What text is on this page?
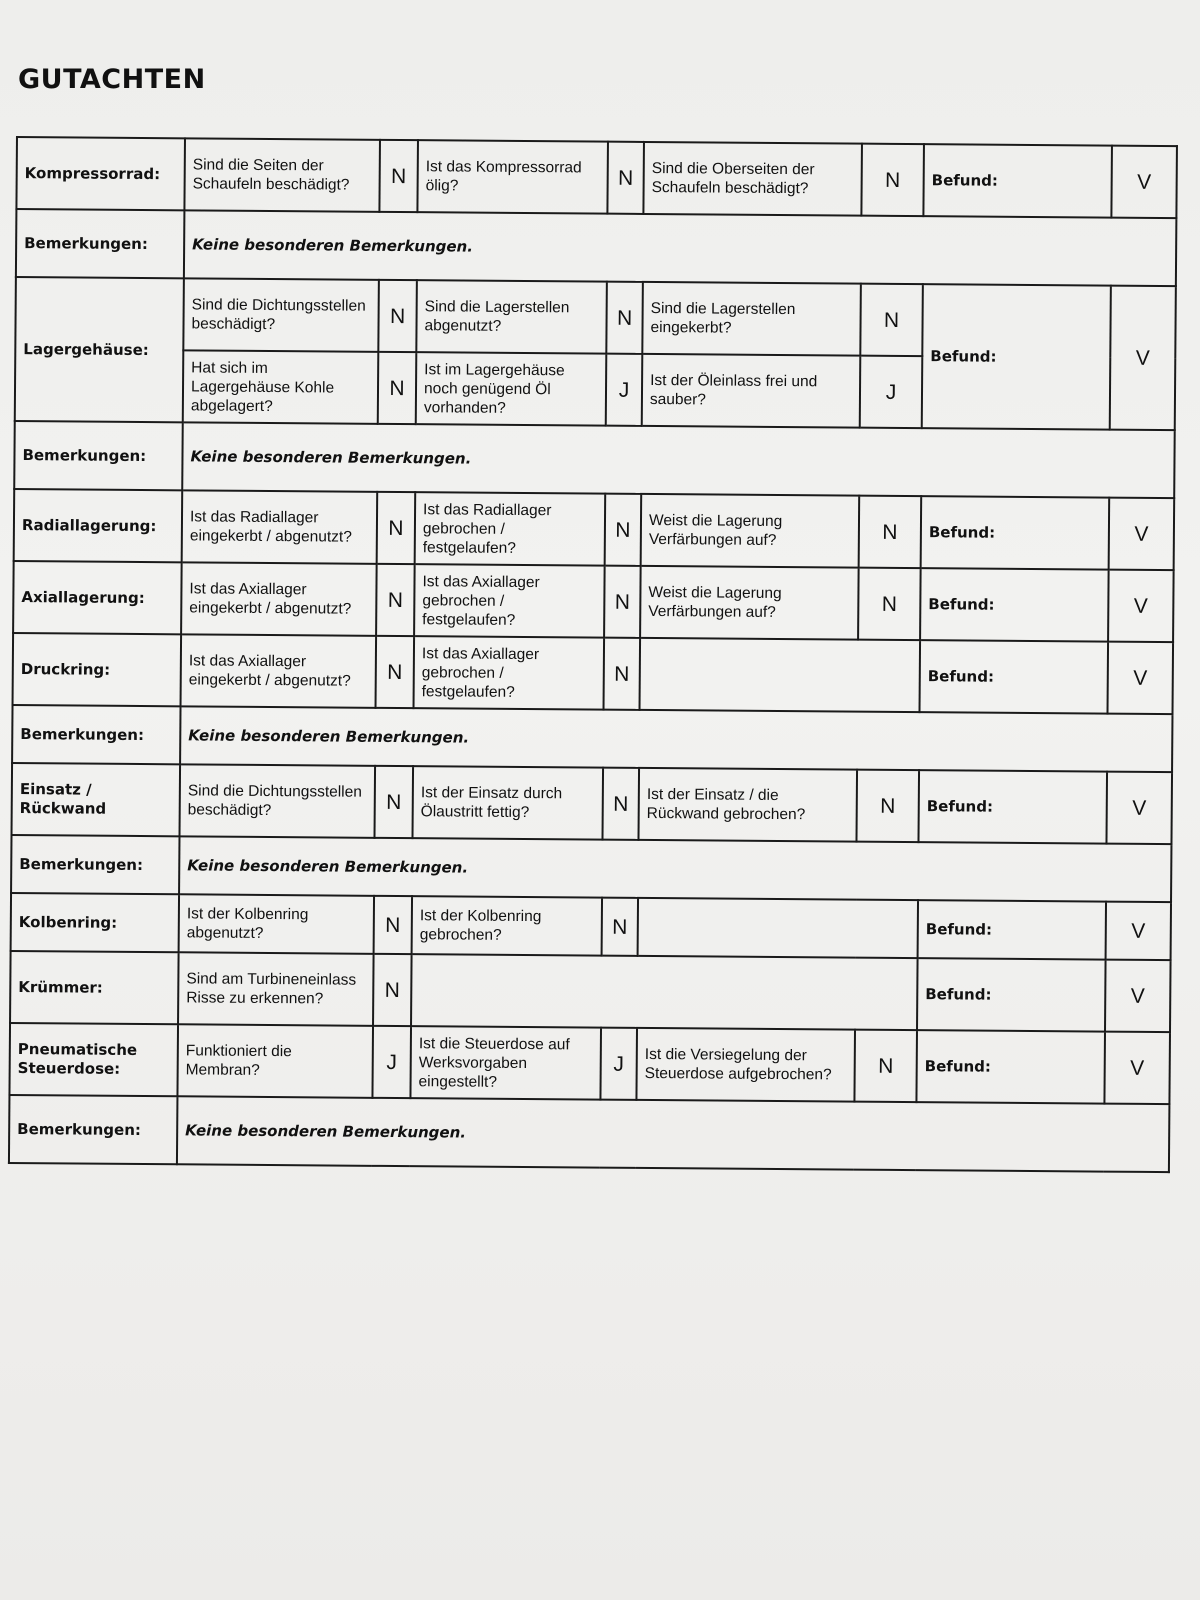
GUTACHTEN
Kompressorrad:	Sind die Seiten der Schaufeln beschädigt?	N	Ist das Kompressorrad ölig?	N	Sind die Oberseiten der Schaufeln beschädigt?	N	Befund:	V
Bemerkungen:	Keine besonderen Bemerkungen.							
Lagergehäuse:	Sind die Dichtungsstellen beschädigt?	N	Sind die Lagerstellen abgenutzt?	N	Sind die Lagerstellen eingekerbt?	N	Befund:	V
	Hat sich im Lagergehäuse Kohle abgelagert?	N	Ist im Lagergehäuse noch genügend Öl vorhanden?	J	Ist der Öleinlass frei und sauber?	J		
Bemerkungen:	Keine besonderen Bemerkungen.							
Radiallagerung:	Ist das Radiallager eingekerbt / abgenutzt?	N	Ist das Radiallager gebrochen / festgelaufen?	N	Weist die Lagerung Verfärbungen auf?	N	Befund:	V
Axiallagerung:	Ist das Axiallager eingekerbt / abgenutzt?	N	Ist das Axiallager gebrochen / festgelaufen?	N	Weist die Lagerung Verfärbungen auf?	N	Befund:	V
Druckring:	Ist das Axiallager eingekerbt / abgenutzt?	N	Ist das Axiallager gebrochen / festgelaufen?	N			Befund:	V
Bemerkungen:	Keine besonderen Bemerkungen.							
Einsatz / Rückwand	Sind die Dichtungsstellen beschädigt?	N	Ist der Einsatz durch Ölaustritt fettig?	N	Ist der Einsatz / die Rückwand gebrochen?	N	Befund:	V
Bemerkungen:	Keine besonderen Bemerkungen.							
Kolbenring:	Ist der Kolbenring abgenutzt?	N	Ist der Kolbenring gebrochen?	N			Befund:	V
Krümmer:	Sind am Turbineneinlass Risse zu erkennen?	N					Befund:	V
Pneumatische Steuerdose:	Funktioniert die Membran?	J	Ist die Steuerdose auf Werksvorgaben eingestellt?	J	Ist die Versiegelung der Steuerdose aufgebrochen?	N	Befund:	V
Bemerkungen:	Keine besonderen Bemerkungen.							
